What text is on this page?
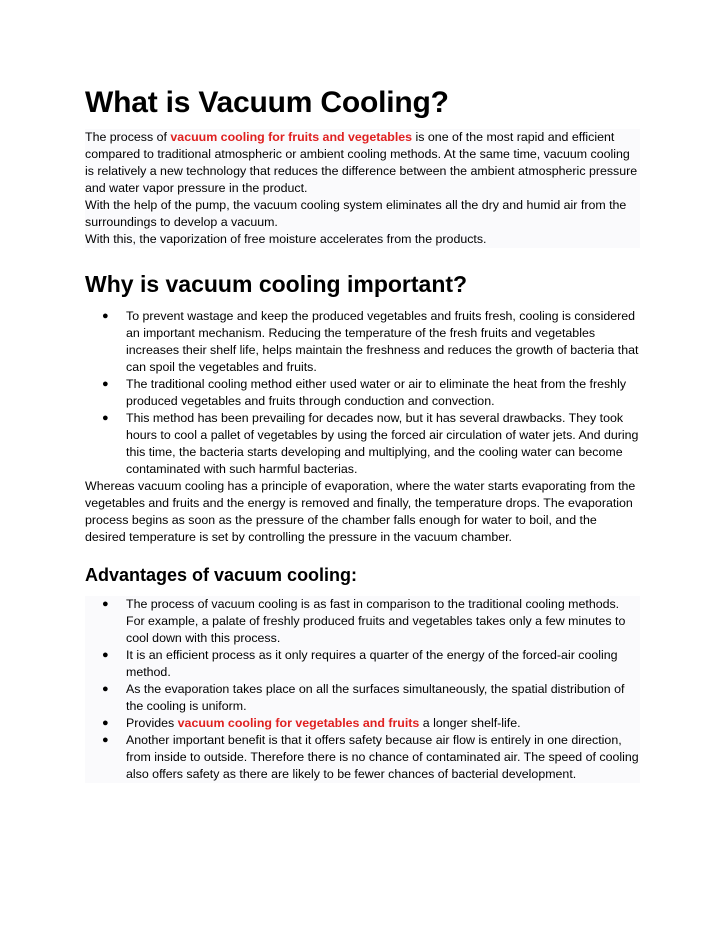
What is Vacuum Cooling?

The process of vacuum cooling for fruits and vegetables is one of the most rapid and efficient compared to traditional atmospheric or ambient cooling methods. At the same time, vacuum cooling is relatively a new technology that reduces the difference between the ambient atmospheric pressure and water vapor pressure in the product.

With the help of the pump, the vacuum cooling system eliminates all the dry and humid air from the surroundings to develop a vacuum.

With this, the vaporization of free moisture accelerates from the products.

Why is vacuum cooling important?
● To prevent wastage and keep the produced vegetables and fruits fresh, cooling is considered an important mechanism. Reducing the temperature of the fresh fruits and vegetables increases their shelf life, helps maintain the freshness and reduces the growth of bacteria that can spoil the vegetables and fruits.
● The traditional cooling method either used water or air to eliminate the heat from the freshly produced vegetables and fruits through conduction and convection.
● This method has been prevailing for decades now, but it has several drawbacks. They took hours to cool a pallet of vegetables by using the forced air circulation of water jets. And during this time, the bacteria starts developing and multiplying, and the cooling water can become contaminated with such harmful bacterias.

Whereas vacuum cooling has a principle of evaporation, where the water starts evaporating from the vegetables and fruits and the energy is removed and finally, the temperature drops. The evaporation process begins as soon as the pressure of the chamber falls enough for water to boil, and the desired temperature is set by controlling the pressure in the vacuum chamber.

Advantages of vacuum cooling:
● The process of vacuum cooling is as fast in comparison to the traditional cooling methods. For example, a palate of freshly produced fruits and vegetables takes only a few minutes to cool down with this process.
● It is an efficient process as it only requires a quarter of the energy of the forced-air cooling method.
● As the evaporation takes place on all the surfaces simultaneously, the spatial distribution of the cooling is uniform.
● Provides vacuum cooling for vegetables and fruits a longer shelf-life.
● Another important benefit is that it offers safety because air flow is entirely in one direction, from inside to outside. Therefore there is no chance of contaminated air. The speed of cooling also offers safety as there are likely to be fewer chances of bacterial development.
